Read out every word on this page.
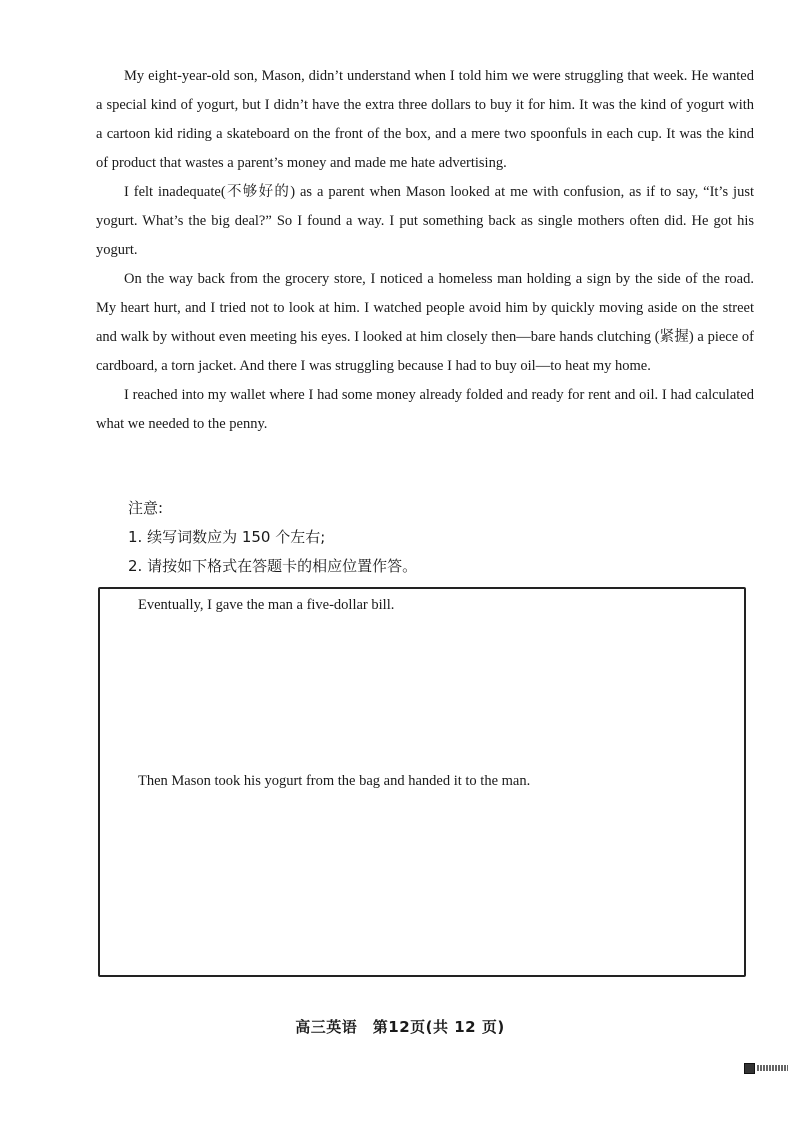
My eight-year-old son, Mason, didn’t understand when I told him we were struggling that week. He wanted a special kind of yogurt, but I didn’t have the extra three dollars to buy it for him. It was the kind of yogurt with a cartoon kid riding a skateboard on the front of the box, and a mere two spoonfuls in each cup. It was the kind of product that wastes a parent’s money and made me hate advertising.

I felt inadequate(不够好的) as a parent when Mason looked at me with confusion, as if to say, “It’s just yogurt. What’s the big deal?” So I found a way. I put something back as single mothers often did. He got his yogurt.

On the way back from the grocery store, I noticed a homeless man holding a sign by the side of the road. My heart hurt, and I tried not to look at him. I watched people avoid him by quickly moving aside on the street and walk by without even meeting his eyes. I looked at him closely then—bare hands clutching (紧握) a piece of cardboard, a torn jacket. And there I was struggling because I had to buy oil—to heat my home.

I reached into my wallet where I had some money already folded and ready for rent and oil. I had calculated what we needed to the penny.

注意:
1. 续写词数应为 150 个左右;
2. 请按如下格式在答题卡的相应位置作答。
Eventually, I gave the man a five-dollar bill.
Then Mason took his yogurt from the bag and handed it to the man.
高三英语　第12页(共 12 页)
